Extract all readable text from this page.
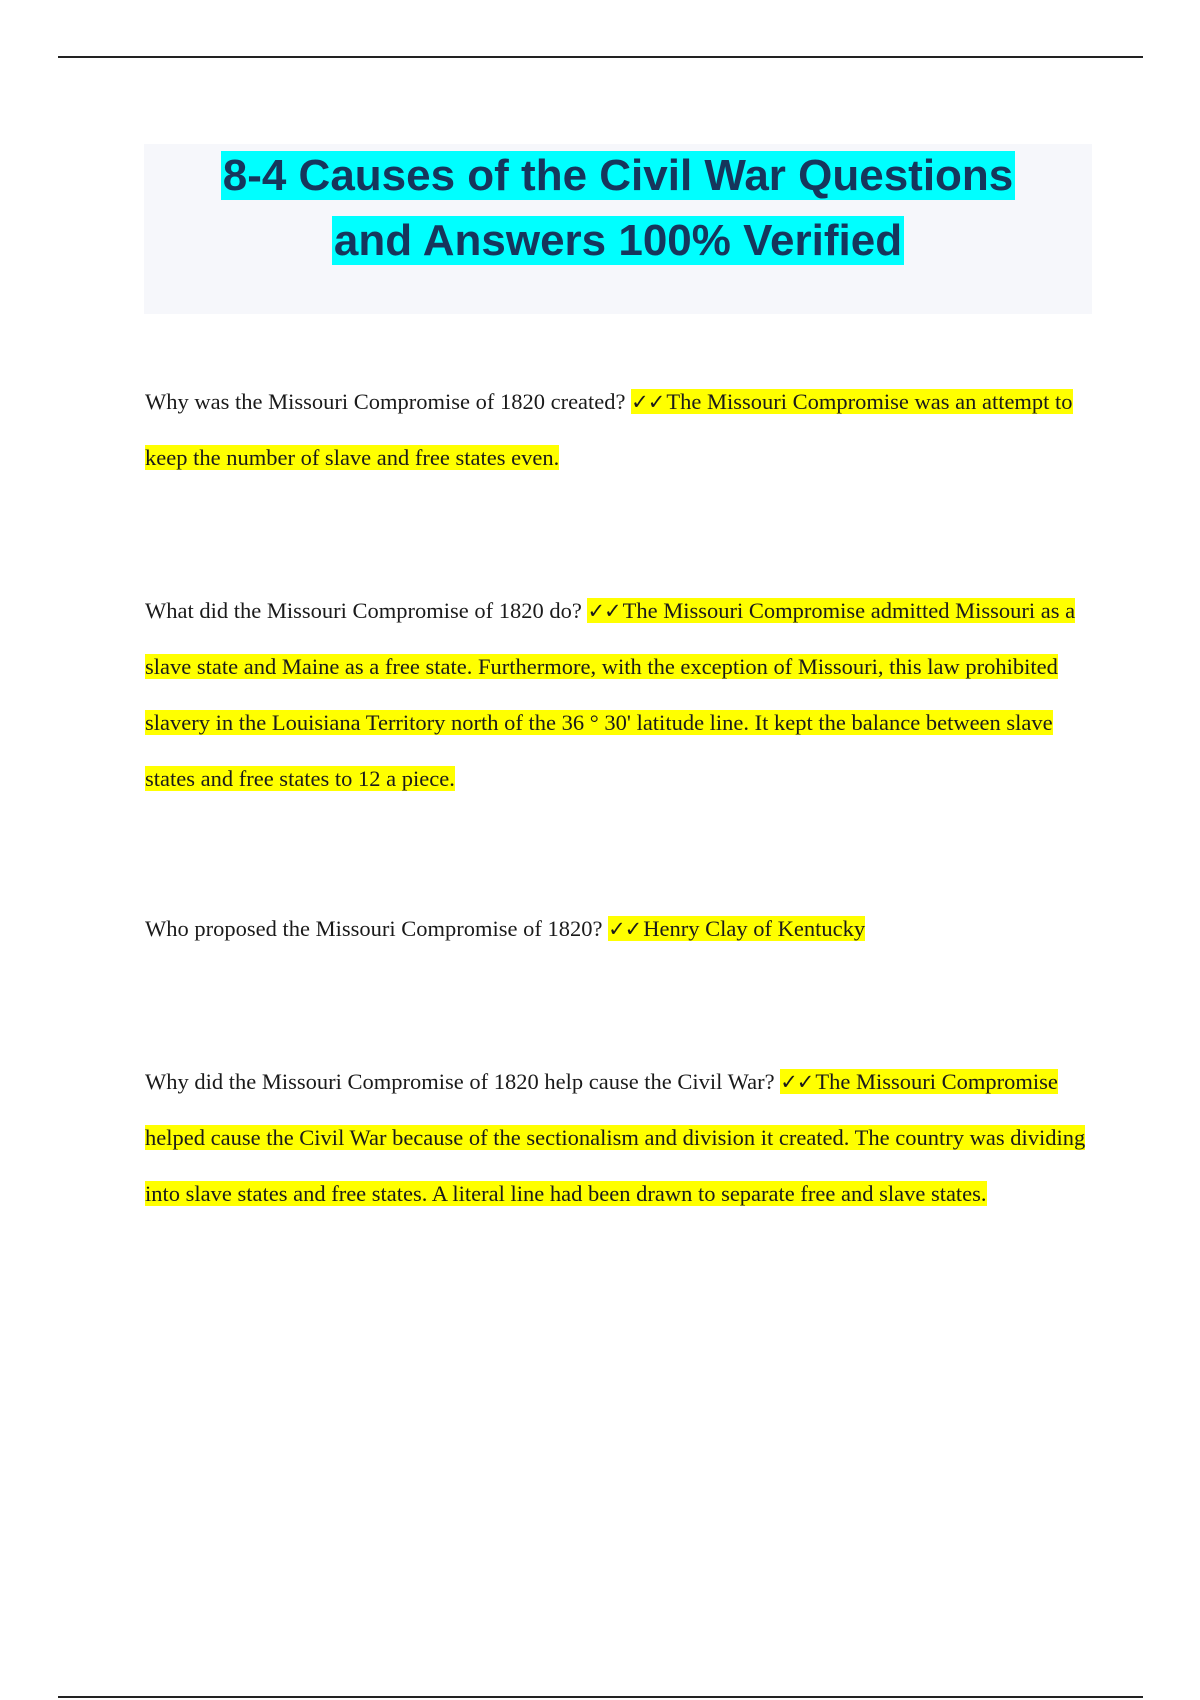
8-4 Causes of the Civil War Questions
and Answers 100% Verified

Why was the Missouri Compromise of 1820 created? ✓✓The Missouri Compromise was an attempt to keep the number of slave and free states even.

What did the Missouri Compromise of 1820 do? ✓✓The Missouri Compromise admitted Missouri as a slave state and Maine as a free state. Furthermore, with the exception of Missouri, this law prohibited slavery in the Louisiana Territory north of the 36 ° 30' latitude line. It kept the balance between slave states and free states to 12 a piece.

Who proposed the Missouri Compromise of 1820? ✓✓Henry Clay of Kentucky

Why did the Missouri Compromise of 1820 help cause the Civil War? ✓✓The Missouri Compromise helped cause the Civil War because of the sectionalism and division it created. The country was dividing into slave states and free states. A literal line had been drawn to separate free and slave states.
